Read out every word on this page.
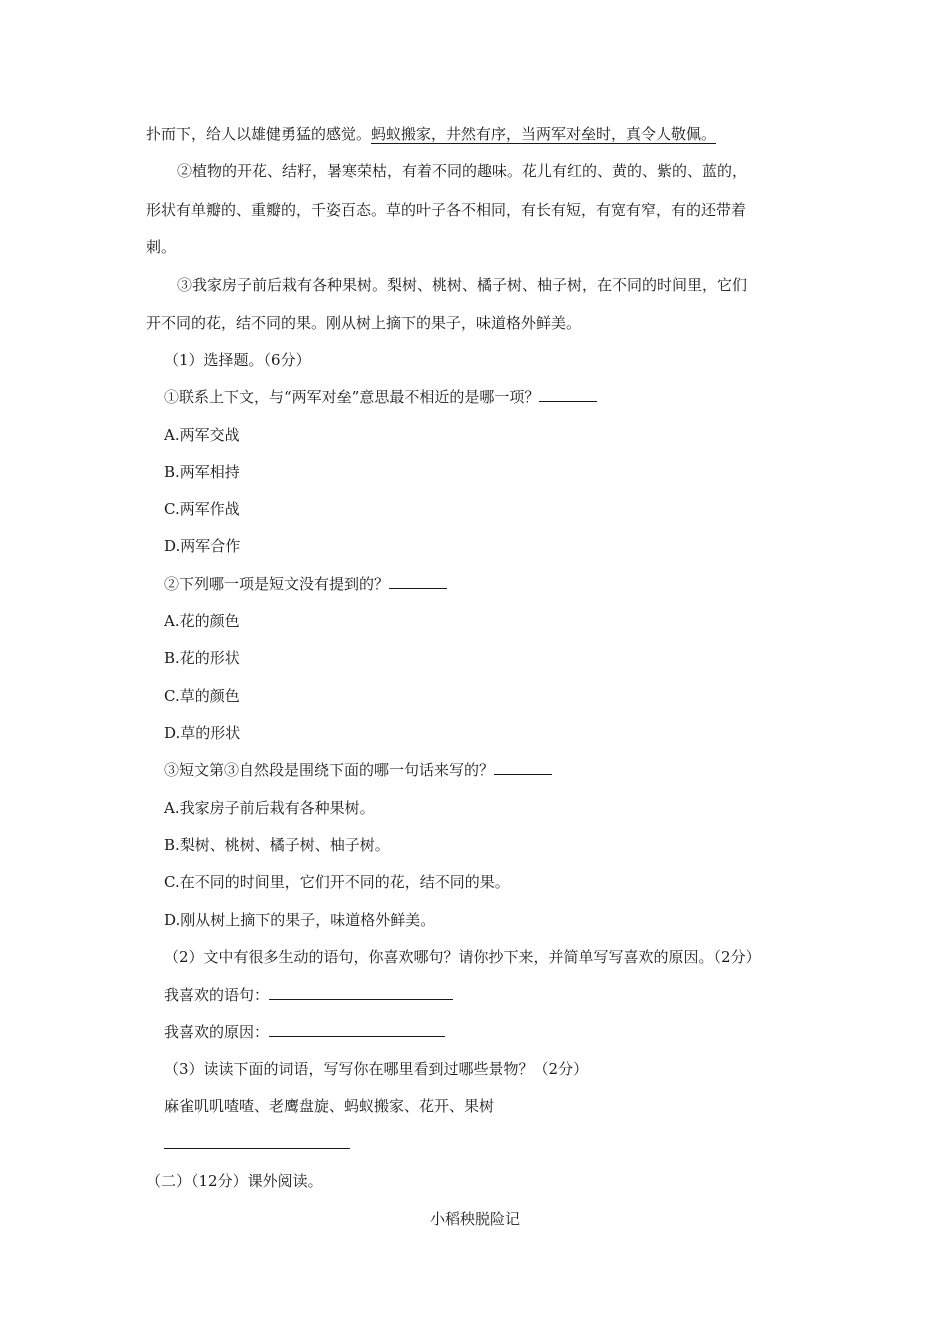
扑而下，给人以雄健勇猛的感觉。蚂蚁搬家，井然有序，当两军对垒时，真令人敬佩。
②植物的开花、结籽，暑寒荣枯，有着不同的趣味。花儿有红的、黄的、紫的、蓝的，
形状有单瓣的、重瓣的，千姿百态。草的叶子各不相同，有长有短，有宽有窄，有的还带着
刺。
③我家房子前后栽有各种果树。梨树、桃树、橘子树、柚子树，在不同的时间里，它们
开不同的花，结不同的果。刚从树上摘下的果子，味道格外鲜美。
（1）选择题。（6分）
①联系上下文，与“两军对垒”意思最不相近的是哪一项？
A.两军交战
B.两军相持
C.两军作战
D.两军合作
②下列哪一项是短文没有提到的？
A.花的颜色
B.花的形状
C.草的颜色
D.草的形状
③短文第③自然段是围绕下面的哪一句话来写的？
A.我家房子前后栽有各种果树。
B.梨树、桃树、橘子树、柚子树。
C.在不同的时间里，它们开不同的花，结不同的果。
D.刚从树上摘下的果子，味道格外鲜美。
（2）文中有很多生动的语句，你喜欢哪句？请你抄下来，并简单写写喜欢的原因。（2分）
我喜欢的语句：
我喜欢的原因：
（3）读读下面的词语，写写你在哪里看到过哪些景物？（2分）
麻雀叽叽喳喳、老鹰盘旋、蚂蚁搬家、花开、果树
（二）（12分）课外阅读。
小稻秧脱险记
